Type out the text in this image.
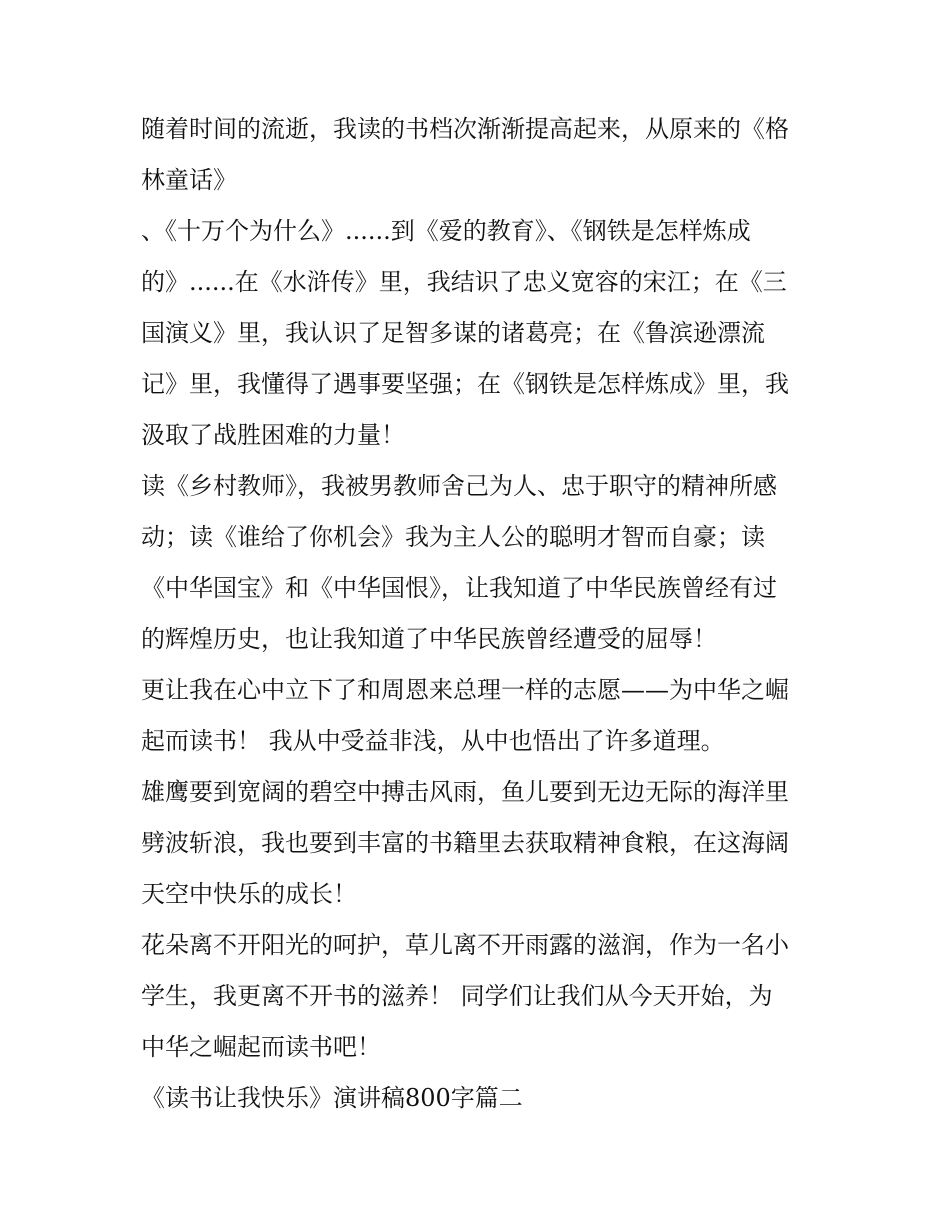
随着时间的流逝，我读的书档次渐渐提高起来，从原来的《格
林童话》
、《十万个为什么》......到《爱的教育》、《钢铁是怎样炼成
的》......在《水浒传》里，我结识了忠义宽容的宋江；在《三
国演义》里，我认识了足智多谋的诸葛亮；在《鲁滨逊漂流
记》里，我懂得了遇事要坚强；在《钢铁是怎样炼成》里，我
汲取了战胜困难的力量！
读《乡村教师》，我被男教师舍己为人、忠于职守的精神所感
动；读《谁给了你机会》我为主人公的聪明才智而自豪；读
《中华国宝》和《中华国恨》，让我知道了中华民族曾经有过
的辉煌历史，也让我知道了中华民族曾经遭受的屈辱！
更让我在心中立下了和周恩来总理一样的志愿——为中华之崛
起而读书！ 我从中受益非浅，从中也悟出了许多道理。
雄鹰要到宽阔的碧空中搏击风雨，鱼儿要到无边无际的海洋里
劈波斩浪，我也要到丰富的书籍里去获取精神食粮，在这海阔
天空中快乐的成长！
花朵离不开阳光的呵护，草儿离不开雨露的滋润，作为一名小
学生，我更离不开书的滋养！ 同学们让我们从今天开始，为
中华之崛起而读书吧！
《读书让我快乐》演讲稿800字篇二
